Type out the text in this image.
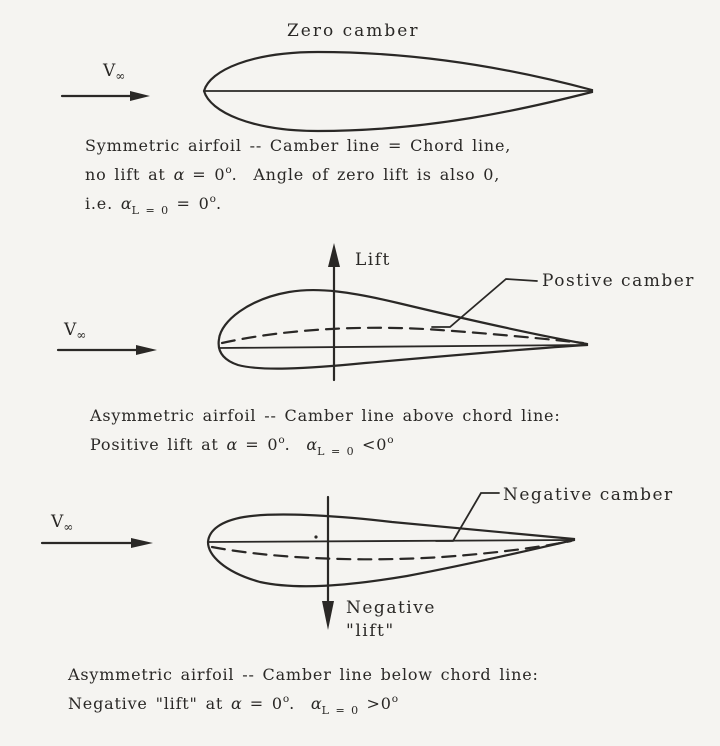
Zero camber
$V_\infty$
Symmetric airfoil -- Camber line = Chord line,
no lift at $\alpha = 0^o$.  Angle of zero lift is also 0,
i.e. $\alpha_{L = 0} = 0^o$.
Lift
Postive camber
$V_\infty$
Asymmetric airfoil -- Camber line above chord line:
Positive lift at $\alpha = 0^o$.  $\alpha_{L = 0} <0^o$
Negative camber
$V_\infty$
Negative
"lift"
Asymmetric airfoil -- Camber line below chord line:
Negative "lift" at $\alpha = 0^o$.  $\alpha_{L = 0} >0^o$
